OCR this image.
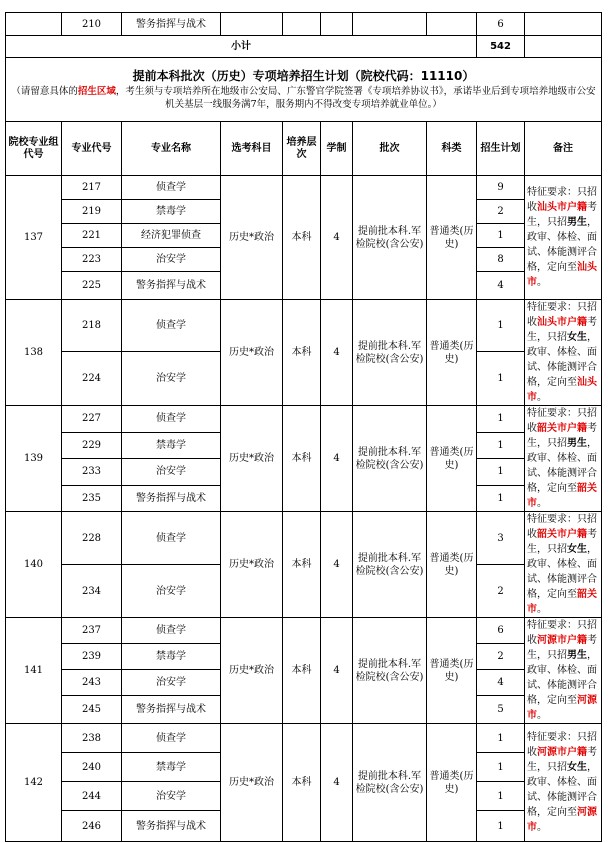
	210	警务指挥与战术						6	
小计								542	

提前本科批次（历史）专项培养招生计划（院校代码：11110）
（请留意具体的招生区域，考生须与专项培养所在地级市公安局、广东警官学院签署《专项培养协议书》，承诺毕业后到专项培养地级市公安机关基层一线服务满7年，服务期内不得改变专项培养就业单位。）									

院校专业组代号	专业代号	专业名称	选考科目	培养层次	学制	批次	科类	招生计划	备注
137	217	侦查学	历史*政治	本科	4	提前批本科.军检院校(含公安)	普通类(历史)	9	特征要求：只招收汕头市户籍考生，只招男生，政审、体检、面试、体能测评合格，定向至汕头市。
	219	禁毒学						2	
	221	经济犯罪侦查						1	
	223	治安学						8	
	225	警务指挥与战术						4	
138	218	侦查学	历史*政治	本科	4	提前批本科.军检院校(含公安)	普通类(历史)	1	特征要求：只招收汕头市户籍考生，只招女生，政审、体检、面试、体能测评合格，定向至汕头市。
	224	治安学						1	
139	227	侦查学	历史*政治	本科	4	提前批本科.军检院校(含公安)	普通类(历史)	1	特征要求：只招收韶关市户籍考生，只招男生，政审、体检、面试、体能测评合格，定向至韶关市。
	229	禁毒学						1	
	233	治安学						1	
	235	警务指挥与战术						1	
140	228	侦查学	历史*政治	本科	4	提前批本科.军检院校(含公安)	普通类(历史)	3	特征要求：只招收韶关市户籍考生，只招女生，政审、体检、面试、体能测评合格，定向至韶关市。
	234	治安学						2	
141	237	侦查学	历史*政治	本科	4	提前批本科.军检院校(含公安)	普通类(历史)	6	特征要求：只招收河源市户籍考生，只招男生，政审、体检、面试、体能测评合格，定向至河源市。
	239	禁毒学						2	
	243	治安学						4	
	245	警务指挥与战术						5	
142	238	侦查学	历史*政治	本科	4	提前批本科.军检院校(含公安)	普通类(历史)	1	特征要求：只招收河源市户籍考生，只招女生，政审、体检、面试、体能测评合格，定向至河源市。
	240	禁毒学						1	
	244	治安学						1	
	246	警务指挥与战术						1	
